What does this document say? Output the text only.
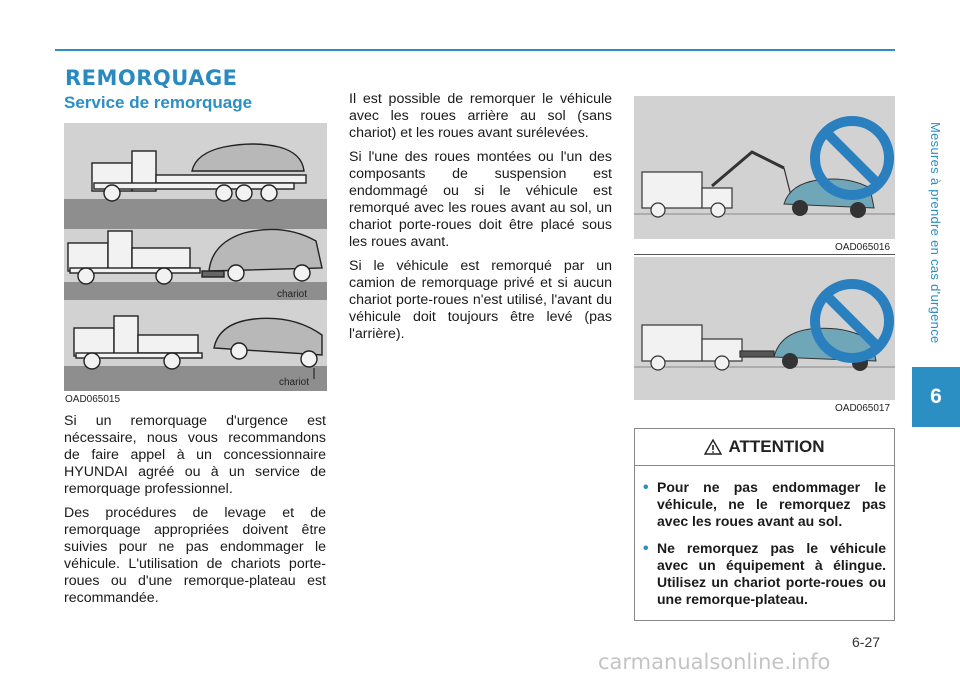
REMORQUAGE
Service de remorquage
chariot
chariot
OAD065015

Si un remorquage d'urgence est nécessaire, nous vous recommandons de faire appel à un concessionnaire HYUNDAI agréé ou à un service de remorquage professionnel.

Des procédures de levage et de remorquage appropriées doivent être suivies pour ne pas endommager le véhicule. L'utilisation de chariots porte-roues ou d'une remorque-plateau est recommandée.

Il est possible de remorquer le véhicule avec les roues arrière au sol (sans chariot) et les roues avant surélevées.

Si l'une des roues montées ou l'un des composants de suspension est endommagé ou si le véhicule est remorqué avec les roues avant au sol, un chariot porte-roues doit être placé sous les roues avant.

Si le véhicule est remorqué par un camion de remorquage privé et si aucun chariot porte-roues n'est utilisé, l'avant du véhicule doit toujours être levé (pas l'arrière).

OAD065016
OAD065017
ATTENTION
• Pour ne pas endommager le véhicule, ne le remorquez pas avec les roues avant au sol.
• Ne remorquez pas le véhicule avec un équipement à élingue. Utilisez un chariot porte-roues ou une remorque-plateau.
Mesures à prendre en cas d'urgence
6
6-27
carmanualsonline.info
